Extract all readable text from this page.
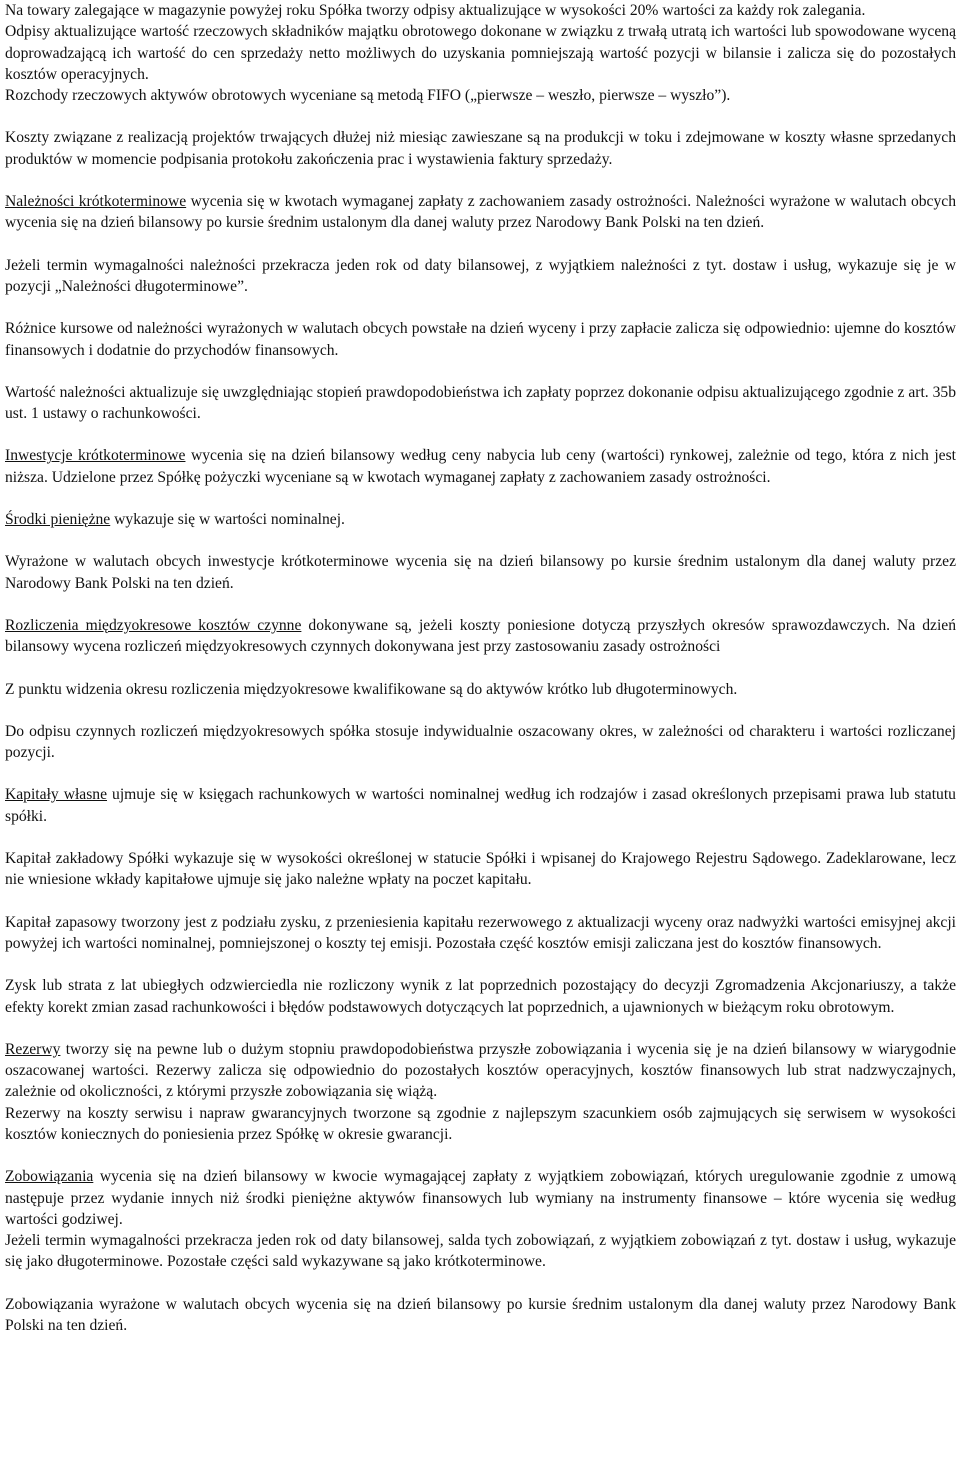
Na towary zalegające w magazynie powyżej roku Spółka tworzy odpisy aktualizujące w wysokości 20% wartości za każdy rok zalegania.
Odpisy aktualizujące wartość rzeczowych składników majątku obrotowego dokonane w związku z trwałą utratą ich wartości lub spowodowane wyceną doprowadzającą ich wartość do cen sprzedaży netto możliwych do uzyskania pomniejszają wartość pozycji w bilansie i zalicza się do pozostałych kosztów operacyjnych.
Rozchody rzeczowych aktywów obrotowych wyceniane są metodą FIFO („pierwsze – weszło, pierwsze – wyszło”).
Koszty związane z realizacją projektów trwających dłużej niż miesiąc zawieszane są na produkcji w toku i zdejmowane w koszty własne sprzedanych produktów w momencie podpisania protokołu zakończenia prac i wystawienia faktury sprzedaży.
Należności krótkoterminowe wycenia się w kwotach wymaganej zapłaty z zachowaniem zasady ostrożności. Należności wyrażone w walutach obcych wycenia się na dzień bilansowy po kursie średnim ustalonym dla danej waluty przez Narodowy Bank Polski na ten dzień.
Jeżeli termin wymagalności należności przekracza jeden rok od daty bilansowej, z wyjątkiem należności z tyt. dostaw i usług, wykazuje się je w pozycji „Należności długoterminowe”.
Różnice kursowe od należności wyrażonych w walutach obcych powstałe na dzień wyceny i przy zapłacie zalicza się odpowiednio: ujemne do kosztów finansowych i dodatnie do przychodów finansowych.
Wartość należności aktualizuje się uwzględniając stopień prawdopodobieństwa ich zapłaty poprzez dokonanie odpisu aktualizującego zgodnie z art. 35b ust. 1 ustawy o rachunkowości.
Inwestycje krótkoterminowe wycenia się na dzień bilansowy według ceny nabycia lub ceny (wartości) rynkowej, zależnie od tego, która z nich jest niższa. Udzielone przez Spółkę pożyczki wyceniane są w kwotach wymaganej zapłaty z zachowaniem zasady ostrożności.
Środki pieniężne wykazuje się w wartości nominalnej.
Wyrażone w walutach obcych inwestycje krótkoterminowe wycenia się na dzień bilansowy po kursie średnim ustalonym dla danej waluty przez Narodowy Bank Polski na ten dzień.
Rozliczenia międzyokresowe kosztów czynne dokonywane są, jeżeli koszty poniesione dotyczą przyszłych okresów sprawozdawczych. Na dzień bilansowy wycena rozliczeń międzyokresowych czynnych dokonywana jest przy zastosowaniu zasady ostrożności
Z punktu widzenia okresu rozliczenia międzyokresowe kwalifikowane są do aktywów krótko lub długoterminowych.
Do odpisu czynnych rozliczeń międzyokresowych spółka stosuje indywidualnie oszacowany okres, w zależności od charakteru i wartości rozliczanej pozycji.
Kapitały własne ujmuje się w księgach rachunkowych w wartości nominalnej według ich rodzajów i zasad określonych przepisami prawa lub statutu spółki.
Kapitał zakładowy Spółki wykazuje się w wysokości określonej w statucie Spółki i wpisanej do Krajowego Rejestru Sądowego. Zadeklarowane, lecz nie wniesione wkłady kapitałowe ujmuje się jako należne wpłaty na poczet kapitału.
Kapitał zapasowy tworzony jest z podziału zysku, z przeniesienia kapitału rezerwowego z aktualizacji wyceny oraz nadwyżki wartości emisyjnej akcji powyżej ich wartości nominalnej, pomniejszonej o koszty tej emisji. Pozostała część kosztów emisji zaliczana jest do kosztów finansowych.
Zysk lub strata z lat ubiegłych odzwierciedla nie rozliczony wynik z lat poprzednich pozostający do decyzji Zgromadzenia Akcjonariuszy, a także efekty korekt zmian zasad rachunkowości i błędów podstawowych dotyczących lat poprzednich, a ujawnionych w bieżącym roku obrotowym.
Rezerwy tworzy się na pewne lub o dużym stopniu prawdopodobieństwa przyszłe zobowiązania i wycenia się je na dzień bilansowy w wiarygodnie oszacowanej wartości. Rezerwy zalicza się odpowiednio do pozostałych kosztów operacyjnych, kosztów finansowych lub strat nadzwyczajnych, zależnie od okoliczności, z którymi przyszłe zobowiązania się wiążą.
Rezerwy na koszty serwisu i napraw gwarancyjnych tworzone są zgodnie z najlepszym szacunkiem osób zajmujących się serwisem w wysokości kosztów koniecznych do poniesienia przez Spółkę w okresie gwarancji.
Zobowiązania wycenia się na dzień bilansowy w kwocie wymagającej zapłaty z wyjątkiem zobowiązań, których uregulowanie zgodnie z umową następuje przez wydanie innych niż środki pieniężne aktywów finansowych lub wymiany na instrumenty finansowe – które wycenia się według wartości godziwej.
Jeżeli termin wymagalności przekracza jeden rok od daty bilansowej, salda tych zobowiązań, z wyjątkiem zobowiązań z tyt. dostaw i usług, wykazuje się jako długoterminowe. Pozostałe części sald wykazywane są jako krótkoterminowe.
Zobowiązania wyrażone w walutach obcych wycenia się na dzień bilansowy po kursie średnim ustalonym dla danej waluty przez Narodowy Bank Polski na ten dzień.
